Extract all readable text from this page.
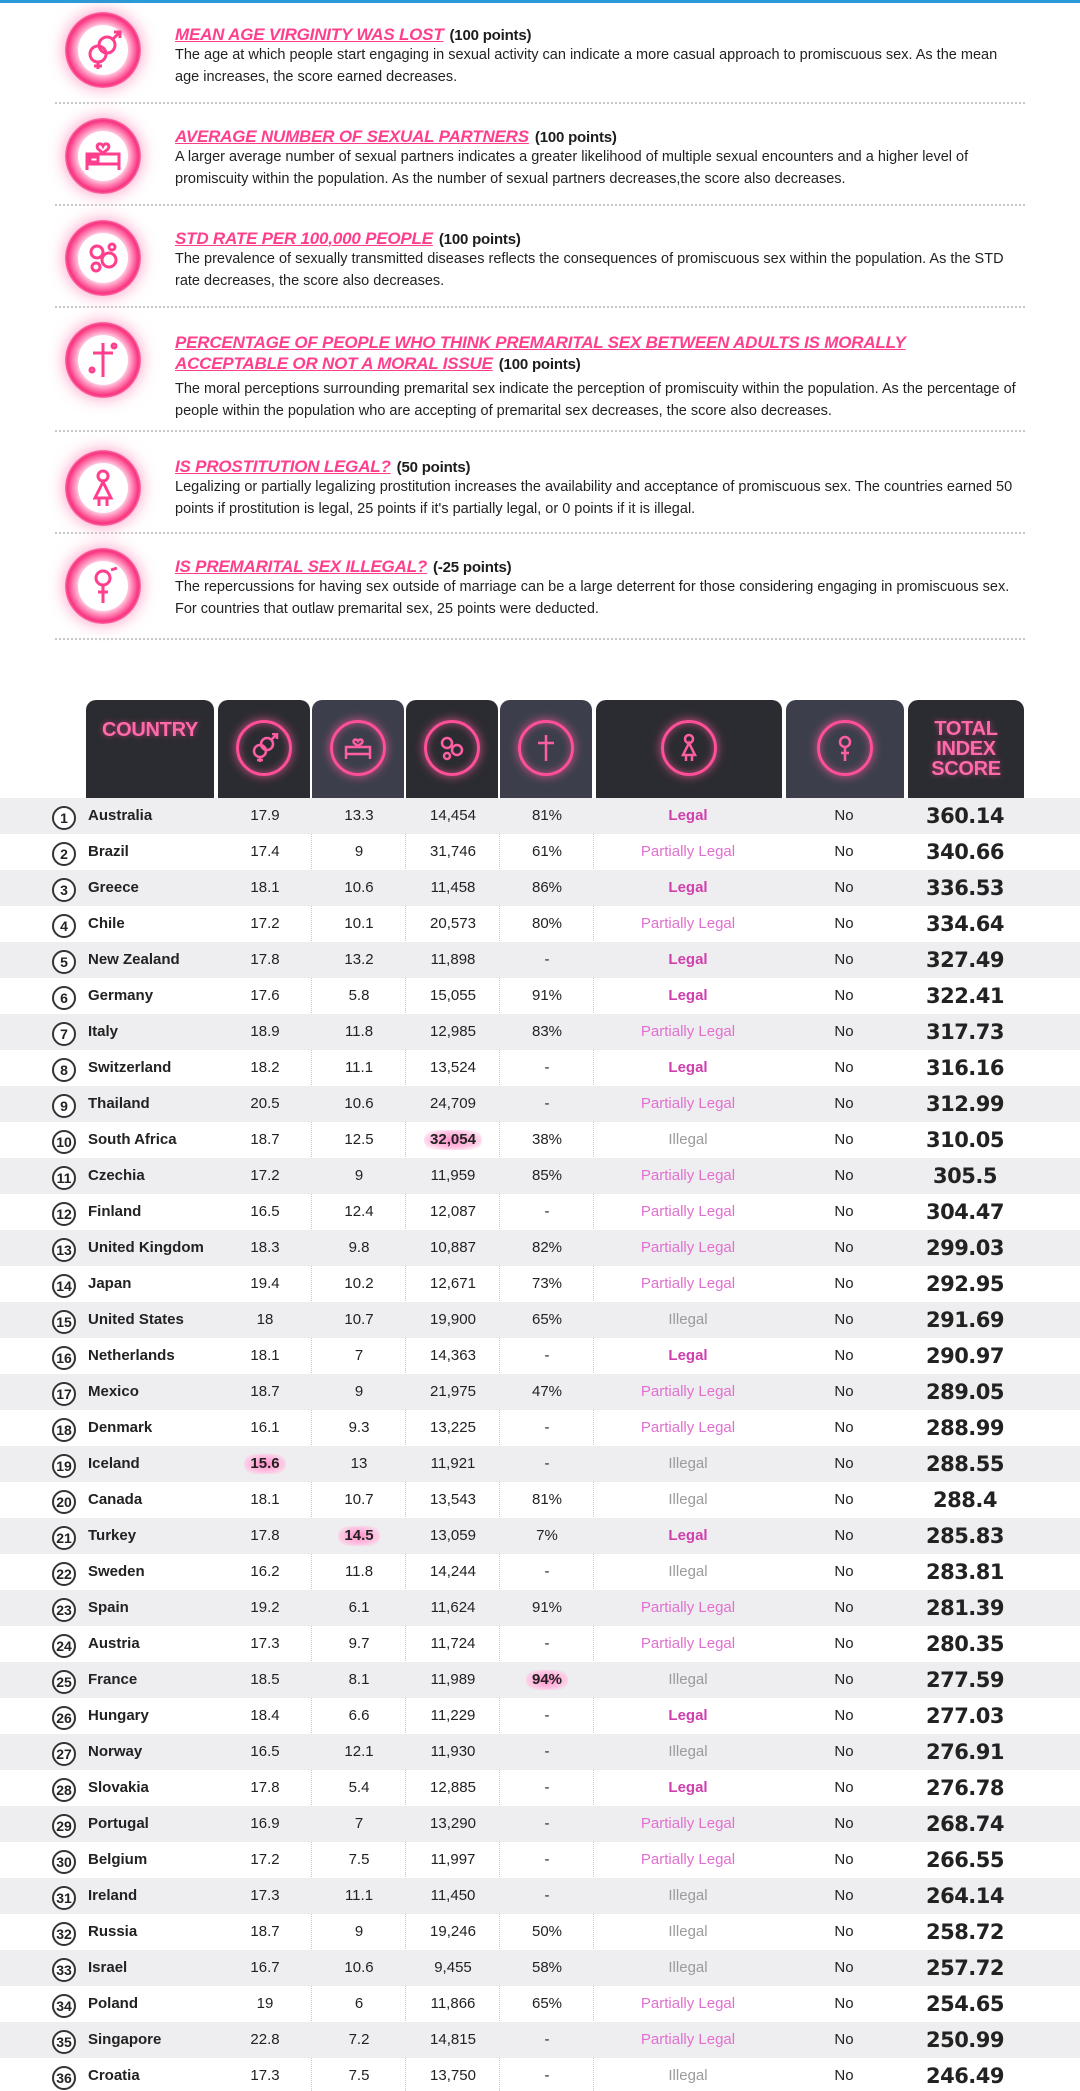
MEAN AGE VIRGINITY WAS LOST (100 points)
The age at which people start engaging in sexual activity can indicate a more casual approach to promiscuous sex. As the mean age increases, the score earned decreases.
AVERAGE NUMBER OF SEXUAL PARTNERS (100 points)
A larger average number of sexual partners indicates a greater likelihood of multiple sexual encounters and a higher level of promiscuity within the population. As the number of sexual partners decreases,the score also decreases.
STD RATE PER 100,000 PEOPLE (100 points)
The prevalence of sexually transmitted diseases reflects the consequences of promiscuous sex within the population. As the STD rate decreases, the score also decreases.
PERCENTAGE OF PEOPLE WHO THINK PREMARITAL SEX BETWEEN ADULTS IS MORALLY
ACCEPTABLE OR NOT A MORAL ISSUE (100 points)
The moral perceptions surrounding premarital sex indicate the perception of promiscuity within the population. As the percentage of people within the population who are accepting of premarital sex decreases, the score also decreases.
IS PROSTITUTION LEGAL? (50 points)
Legalizing or partially legalizing prostitution increases the availability and acceptance of promiscuous sex. The countries earned 50 points if prostitution is legal, 25 points if it's partially legal, or 0 points if it is illegal.
IS PREMARITAL SEX ILLEGAL? (-25 points)
The repercussions for having sex outside of marriage can be a large deterrent for those considering engaging in promiscuous sex. For countries that outlaw premarital sex, 25 points were deducted.
COUNTRY	TOTAL
INDEX
SCORE
1	Australia	17.9	13.3	14,454	81%	Legal	No	360.14
2	Brazil	17.4	9	31,746	61%	Partially Legal	No	340.66
3	Greece	18.1	10.6	11,458	86%	Legal	No	336.53
4	Chile	17.2	10.1	20,573	80%	Partially Legal	No	334.64
5	New Zealand	17.8	13.2	11,898	-	Legal	No	327.49
6	Germany	17.6	5.8	15,055	91%	Legal	No	322.41
7	Italy	18.9	11.8	12,985	83%	Partially Legal	No	317.73
8	Switzerland	18.2	11.1	13,524	-	Legal	No	316.16
9	Thailand	20.5	10.6	24,709	-	Partially Legal	No	312.99
10 South Africa	18.7	12.5	32,054	38%	Illegal	No	310.05
11	Czechia	17.2	9	11,959	85%	Partially Legal	No	305.5
12 Finland	16.5	12.4	12,087	-	Partially Legal	No	304.47
13 United Kingdom	18.3	9.8	10,887	82%	Partially Legal	No	299.03
14 Japan	19.4	10.2	12,671	73%	Partially Legal	No	292.95
15 United States	18	10.7	19,900	65%	Illegal	No	291.69
16 Netherlands	18.1	7	14,363	-	Legal	No	290.97
17 Mexico	18.7	9	21,975	47%	Partially Legal	No	289.05
18 Denmark	16.1	9.3	13,225	-	Partially Legal	No	288.99
19 Iceland	15.6	13	11,921	-	Illegal	No	288.55
20 Canada	18.1	10.7	13,543	81%	Illegal	No	288.4
21 Turkey	17.8	14.5	13,059	7%	Legal	No	285.83
22 Sweden	16.2	11.8	14,244	-	Illegal	No	283.81
23 Spain	19.2	6.1	11,624	91%	Partially Legal	No	281.39
24 Austria	17.3	9.7	11,724	-	Partially Legal	No	280.35
25 France	18.5	8.1	11,989	94%	Illegal	No	277.59
26 Hungary	18.4	6.6	11,229	-	Legal	No	277.03
27 Norway	16.5	12.1	11,930	-	Illegal	No	276.91
28 Slovakia	17.8	5.4	12,885	-	Legal	No	276.78
29 Portugal	16.9	7	13,290	-	Partially Legal	No	268.74
30 Belgium	17.2	7.5	11,997	-	Partially Legal	No	266.55
31 Ireland	17.3	11.1	11,450	-	Illegal	No	264.14
32 Russia	18.7	9	19,246	50%	Illegal	No	258.72
33 Israel	16.7	10.6	9,455	58%	Illegal	No	257.72
34 Poland	19	6	11,866	65%	Partially Legal	No	254.65
35 Singapore	22.8	7.2	14,815	-	Partially Legal	No	250.99
36 Croatia	17.3	7.5	13,750	-	Illegal	No	246.49
